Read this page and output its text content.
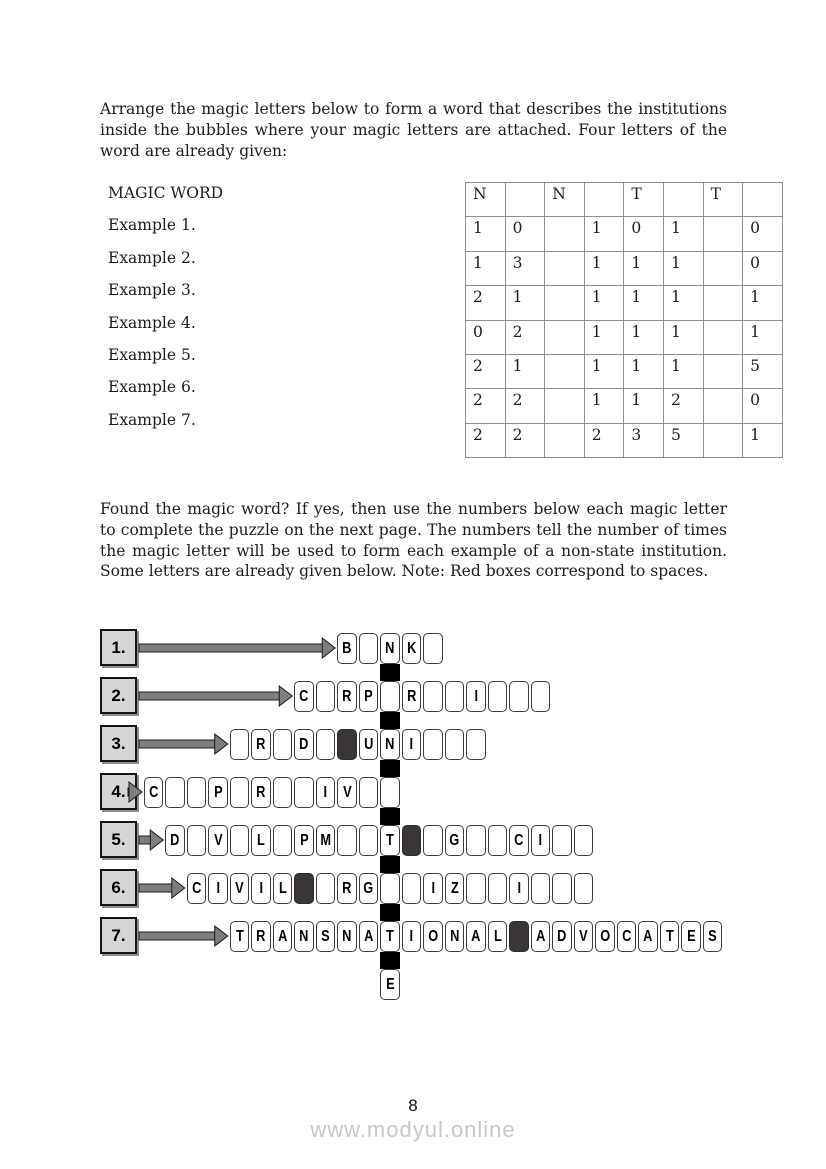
Arrange the magic letters below to form a word that describes the institutions inside the bubbles where your magic letters are attached. Four letters of the word are already given:
MAGIC WORD
Example 1.
Example 2.
Example 3.
Example 4.
Example 5.
Example 6.
Example 7.
N		N		T		T	
1	0		1	0	1		0
1	3		1	1	1		0
2	1		1	1	1		1
0	2		1	1	1		1
2	1		1	1	1		5
2	2		1	1	2		0
2	2		2	3	5		1
Found the magic word? If yes, then use the numbers below each magic letter to complete the puzzle on the next page. The numbers tell the number of times the magic letter will be used to form each example of a non-state institution. Some letters are already given below. Note: Red boxes correspond to spaces.
1.	B N K
2.	C R P R	I
3.	R D	U N I
4.	C	P R	I V
5.	D V L P M	T	G	C I
6.	C I V I L	R G	I Z	I
7.	T R A N S N A T I O N A L A D V O C A T E S
E
8
www.modyul.online
